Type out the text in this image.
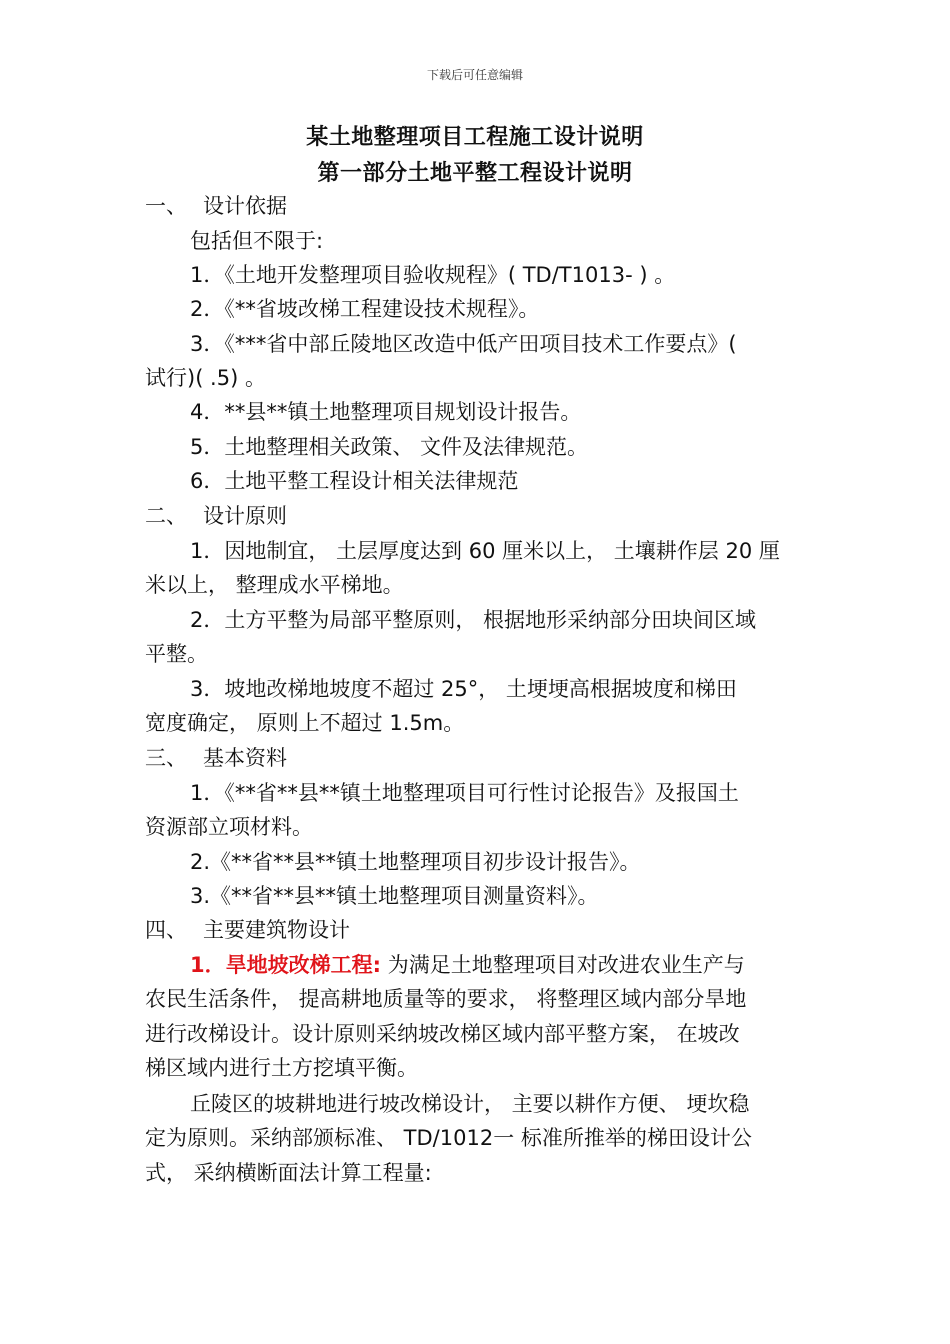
下载后可任意编辑
某土地整理项目工程施工设计说明
第一部分土地平整工程设计说明
一、 设计依据
包括但不限于:
1．《土地开发整理项目验收规程》( TD/T1013- ) 。
2．《**省坡改梯工程建设技术规程》。
3．《***省中部丘陵地区改造中低产田项目技术工作要点》(
试行)( .5) 。
4．**县**镇土地整理项目规划设计报告。
5．土地整理相关政策、 文件及法律规范。
6．土地平整工程设计相关法律规范
二、 设计原则
1．因地制宜， 土层厚度达到 60 厘米以上， 土壤耕作层 20 厘
米以上， 整理成水平梯地。
2．土方平整为局部平整原则， 根据地形采纳部分田块间区域
平整。
3．坡地改梯地坡度不超过 25°， 土埂埂高根据坡度和梯田
宽度确定， 原则上不超过 1.5m。
三、 基本资料
1．《**省**县**镇土地整理项目可行性讨论报告》及报国土
资源部立项材料。
2.《**省**县**镇土地整理项目初步设计报告》。
3.《**省**县**镇土地整理项目测量资料》。
四、 主要建筑物设计
1．旱地坡改梯工程: 为满足土地整理项目对改进农业生产与
农民生活条件， 提高耕地质量等的要求， 将整理区域内部分旱地
进行改梯设计。设计原则采纳坡改梯区域内部平整方案， 在坡改
梯区域内进行土方挖填平衡。
丘陵区的坡耕地进行坡改梯设计， 主要以耕作方便、 埂坎稳
定为原则。采纳部颁标准、 TD/1012一 标准所推举的梯田设计公
式， 采纳横断面法计算工程量:
